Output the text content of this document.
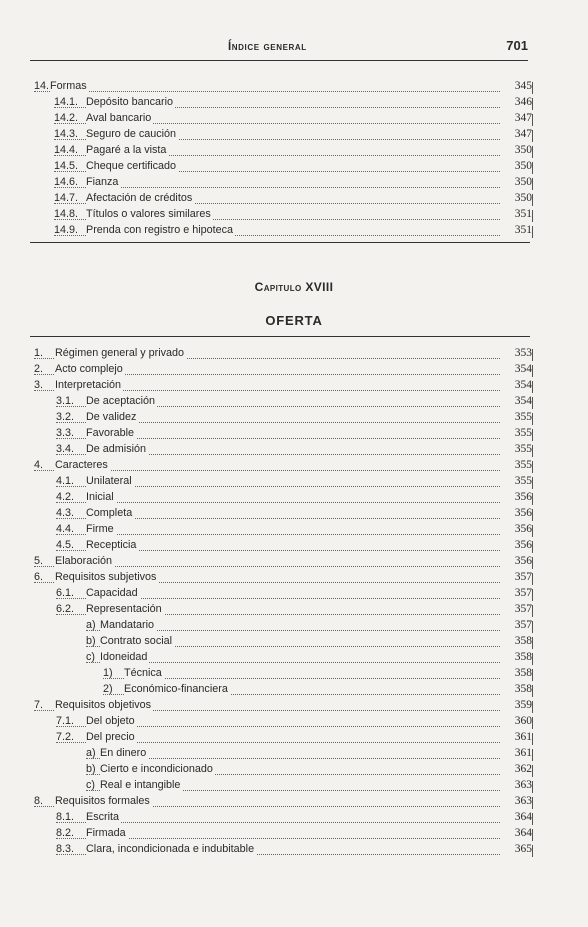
Índice general	701
14. Formas	345
14.1. Depósito bancario	346
14.2. Aval bancario	347
14.3. Seguro de caución	347
14.4. Pagaré a la vista	350
14.5. Cheque certificado	350
14.6. Fianza	350
14.7. Afectación de créditos	350
14.8. Títulos o valores similares	351
14.9. Prenda con registro e hipoteca	351
Capitulo XVIII
OFERTA
1. Régimen general y privado	353
2. Acto complejo	354
3. Interpretación	354
3.1. De aceptación	354
3.2. De validez	355
3.3. Favorable	355
3.4. De admisión	355
4. Caracteres	355
4.1. Unilateral	355
4.2. Inicial	356
4.3. Completa	356
4.4. Firme	356
4.5. Recepticia	356
5. Elaboración	356
6. Requisitos subjetivos	357
6.1. Capacidad	357
6.2. Representación	357
a) Mandatario	357
b) Contrato social	358
c) Idoneidad	358
1) Técnica	358
2) Económico-financiera	358
7. Requisitos objetivos	359
7.1. Del objeto	360
7.2. Del precio	361
a) En dinero	361
b) Cierto e incondicionado	362
c) Real e intangible	363
8. Requisitos formales	363
8.1. Escrita	364
8.2. Firmada	364
8.3. Clara, incondicionada e indubitable	365
